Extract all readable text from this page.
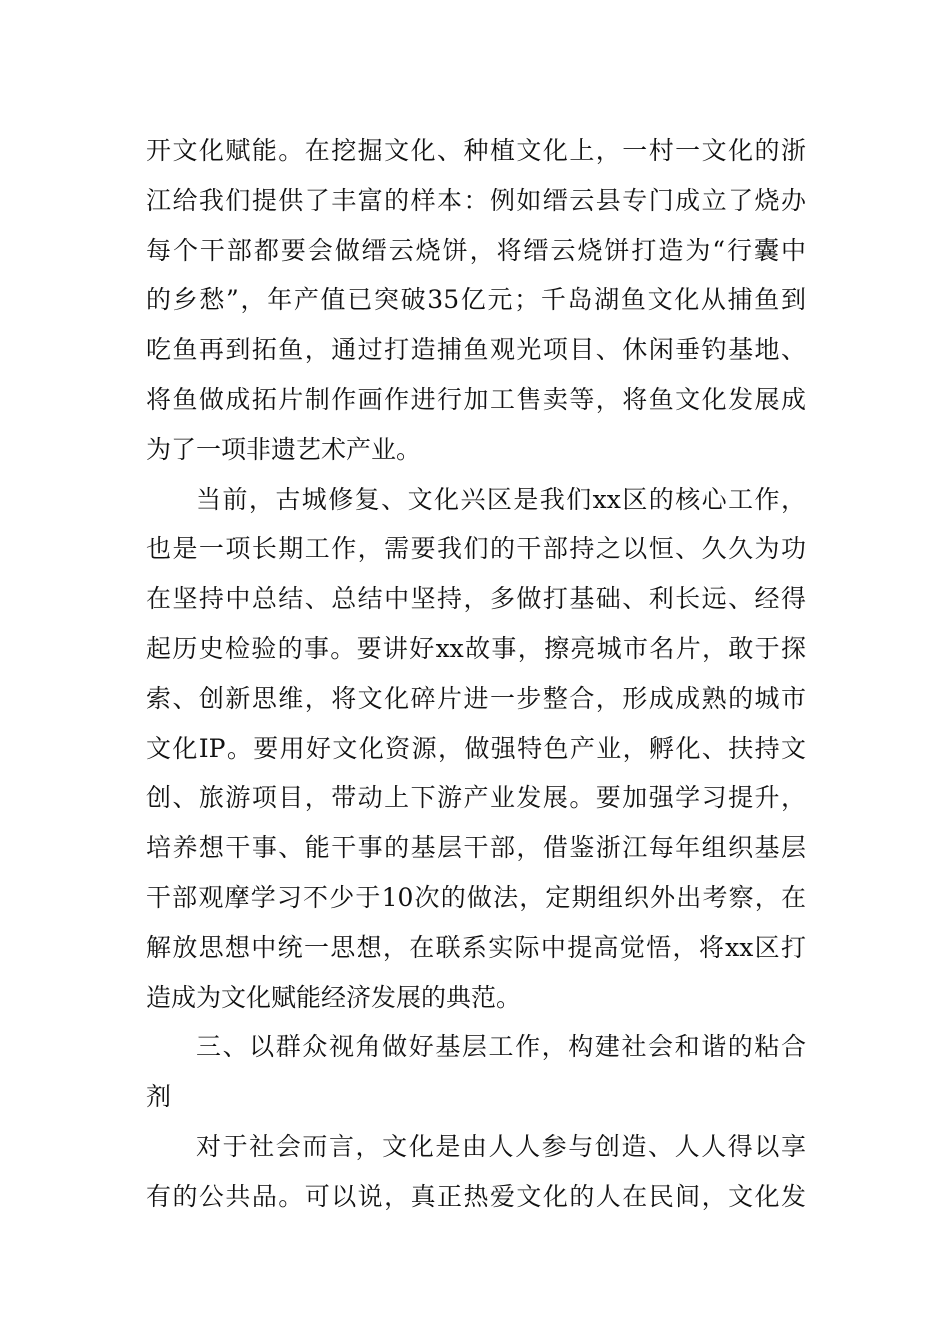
开文化赋能。在挖掘文化、种植文化上，一村一文化的浙
江给我们提供了丰富的样本：例如缙云县专门成立了烧办
每个干部都要会做缙云烧饼，将缙云烧饼打造为“行囊中
的乡愁”，年产值已突破35亿元；千岛湖鱼文化从捕鱼到
吃鱼再到拓鱼，通过打造捕鱼观光项目、休闲垂钓基地、
将鱼做成拓片制作画作进行加工售卖等，将鱼文化发展成
为了一项非遗艺术产业。
当前，古城修复、文化兴区是我们xx区的核心工作，
也是一项长期工作，需要我们的干部持之以恒、久久为功
在坚持中总结、总结中坚持，多做打基础、利长远、经得
起历史检验的事。要讲好xx故事，擦亮城市名片，敢于探
索、创新思维，将文化碎片进一步整合，形成成熟的城市
文化IP。要用好文化资源，做强特色产业，孵化、扶持文
创、旅游项目，带动上下游产业发展。要加强学习提升，
培养想干事、能干事的基层干部，借鉴浙江每年组织基层
干部观摩学习不少于10次的做法，定期组织外出考察，在
解放思想中统一思想，在联系实际中提高觉悟，将xx区打
造成为文化赋能经济发展的典范。
三、以群众视角做好基层工作，构建社会和谐的粘合
剂
对于社会而言，文化是由人人参与创造、人人得以享
有的公共品。可以说，真正热爱文化的人在民间，文化发
